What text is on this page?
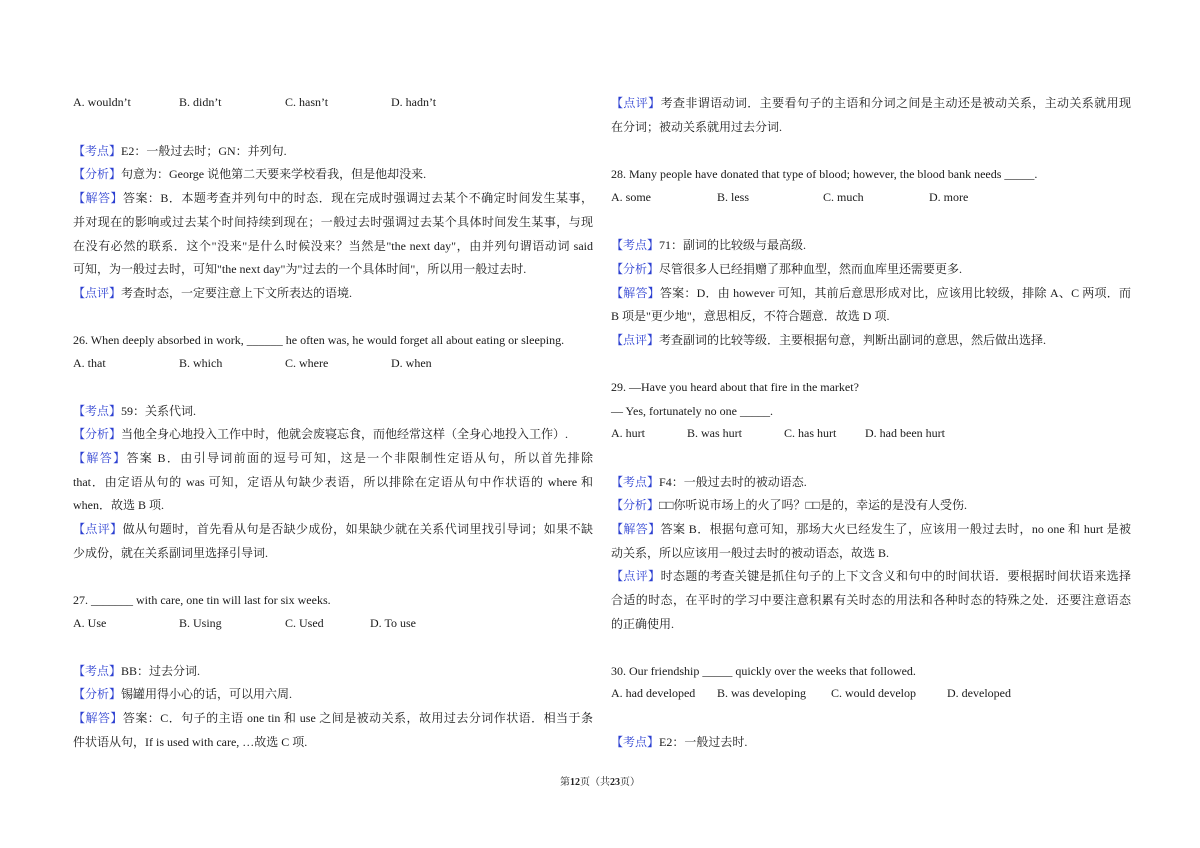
A. wouldn’t	B. didn’t	C. hasn’t	D. hadn’t
【考点】E2：一般过去时；GN：并列句.
【分析】句意为：George 说他第二天要来学校看我，但是他却没来.
【解答】答案：B．本题考查并列句中的时态．现在完成时强调过去某个不确定时间发生某事，
并对现在的影响或过去某个时间持续到现在；一般过去时强调过去某个具体时间发生某事，与现
在没有必然的联系．这个"没来"是什么时候没来？当然是"the next day"，由并列句谓语动词 said
可知，为一般过去时，可知"the next day"为"过去的一个具体时间"，所以用一般过去时.
【点评】考查时态，一定要注意上下文所表达的语境.
26. When deeply absorbed in work, ______ he often was, he would forget all about eating or sleeping.
A. that	B. which	C. where	D. when
【考点】59：关系代词.
【分析】当他全身心地投入工作中时，他就会废寝忘食，而他经常这样（全身心地投入工作）.
【解答】答案 B．由引导词前面的逗号可知，这是一个非限制性定语从句，所以首先排除
that．由定语从句的 was 可知，定语从句缺少表语，所以排除在定语从句中作状语的 where 和
when．故选 B 项.
【点评】做从句题时，首先看从句是否缺少成份，如果缺少就在关系代词里找引导词；如果不缺
少成份，就在关系副词里选择引导词.
27. _______ with care, one tin will last for six weeks.
A. Use	B. Using	C. Used	D. To use
【考点】BB：过去分词.
【分析】锡罐用得小心的话，可以用六周.
【解答】答案：C．句子的主语 one tin 和 use 之间是被动关系，故用过去分词作状语．相当于条
件状语从句，If is used with care, …故选 C 项.
【点评】考查非谓语动词．主要看句子的主语和分词之间是主动还是被动关系，主动关系就用现
在分词；被动关系就用过去分词.
28. Many people have donated that type of blood; however, the blood bank needs _____.
A. some	B. less	C. much	D. more
【考点】71：副词的比较级与最高级.
【分析】尽管很多人已经捐赠了那种血型，然而血库里还需要更多.
【解答】答案：D．由 however 可知，其前后意思形成对比，应该用比较级，排除 A、C 两项．而
B 项是"更少地"，意思相反，不符合题意．故选 D 项.
【点评】考查副词的比较等级．主要根据句意，判断出副词的意思，然后做出选择.
29. —Have you heard about that fire in the market?
— Yes, fortunately no one _____.
A. hurt	B. was hurt	C. has hurt D. had been hurt
【考点】F4：一般过去时的被动语态.
【分析】□□你听说市场上的火了吗？□□是的，幸运的是没有人受伤.
【解答】答案 B．根据句意可知，那场大火已经发生了，应该用一般过去时，no one 和 hurt 是被
动关系，所以应该用一般过去时的被动语态，故选 B.
【点评】时态题的考查关键是抓住句子的上下文含义和句中的时间状语．要根据时间状语来选择
合适的时态，在平时的学习中要注意积累有关时态的用法和各种时态的特殊之处．还要注意语态
的正确使用.
30. Our friendship _____ quickly over the weeks that followed.
A. had developed B. was developing C. would develop	D. developed
【考点】E2：一般过去时.
第12页（共23页）
